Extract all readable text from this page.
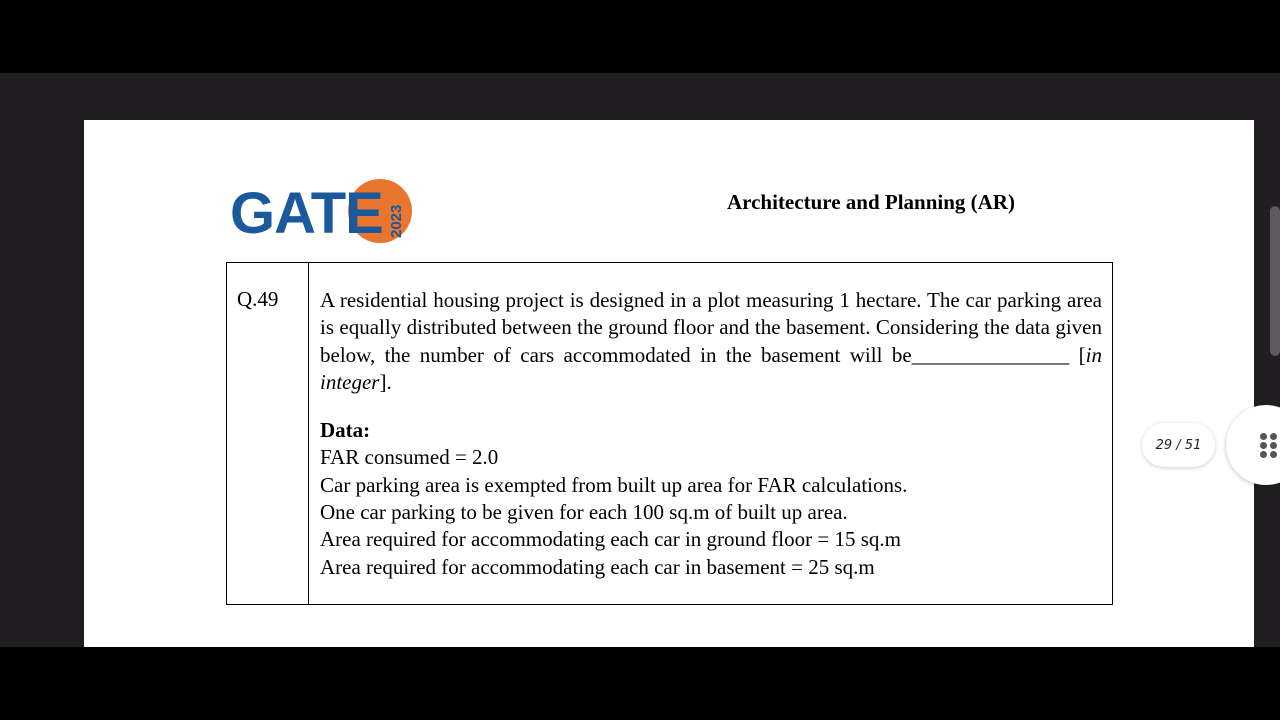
GATE 2023
Architecture and Planning (AR)
Q.49	A residential housing project is designed in a plot measuring 1 hectare. The car parking area is equally distributed between the ground floor and the basement. Considering the data given below, the number of cars accommodated in the basement will be_______________ [in integer].

Data:

FAR consumed = 2.0

Car parking area is exempted from built up area for FAR calculations.

One car parking to be given for each 100 sq.m of built up area.

Area required for accommodating each car in ground floor = 15 sq.m

Area required for accommodating each car in basement = 25 sq.m

29 / 51
